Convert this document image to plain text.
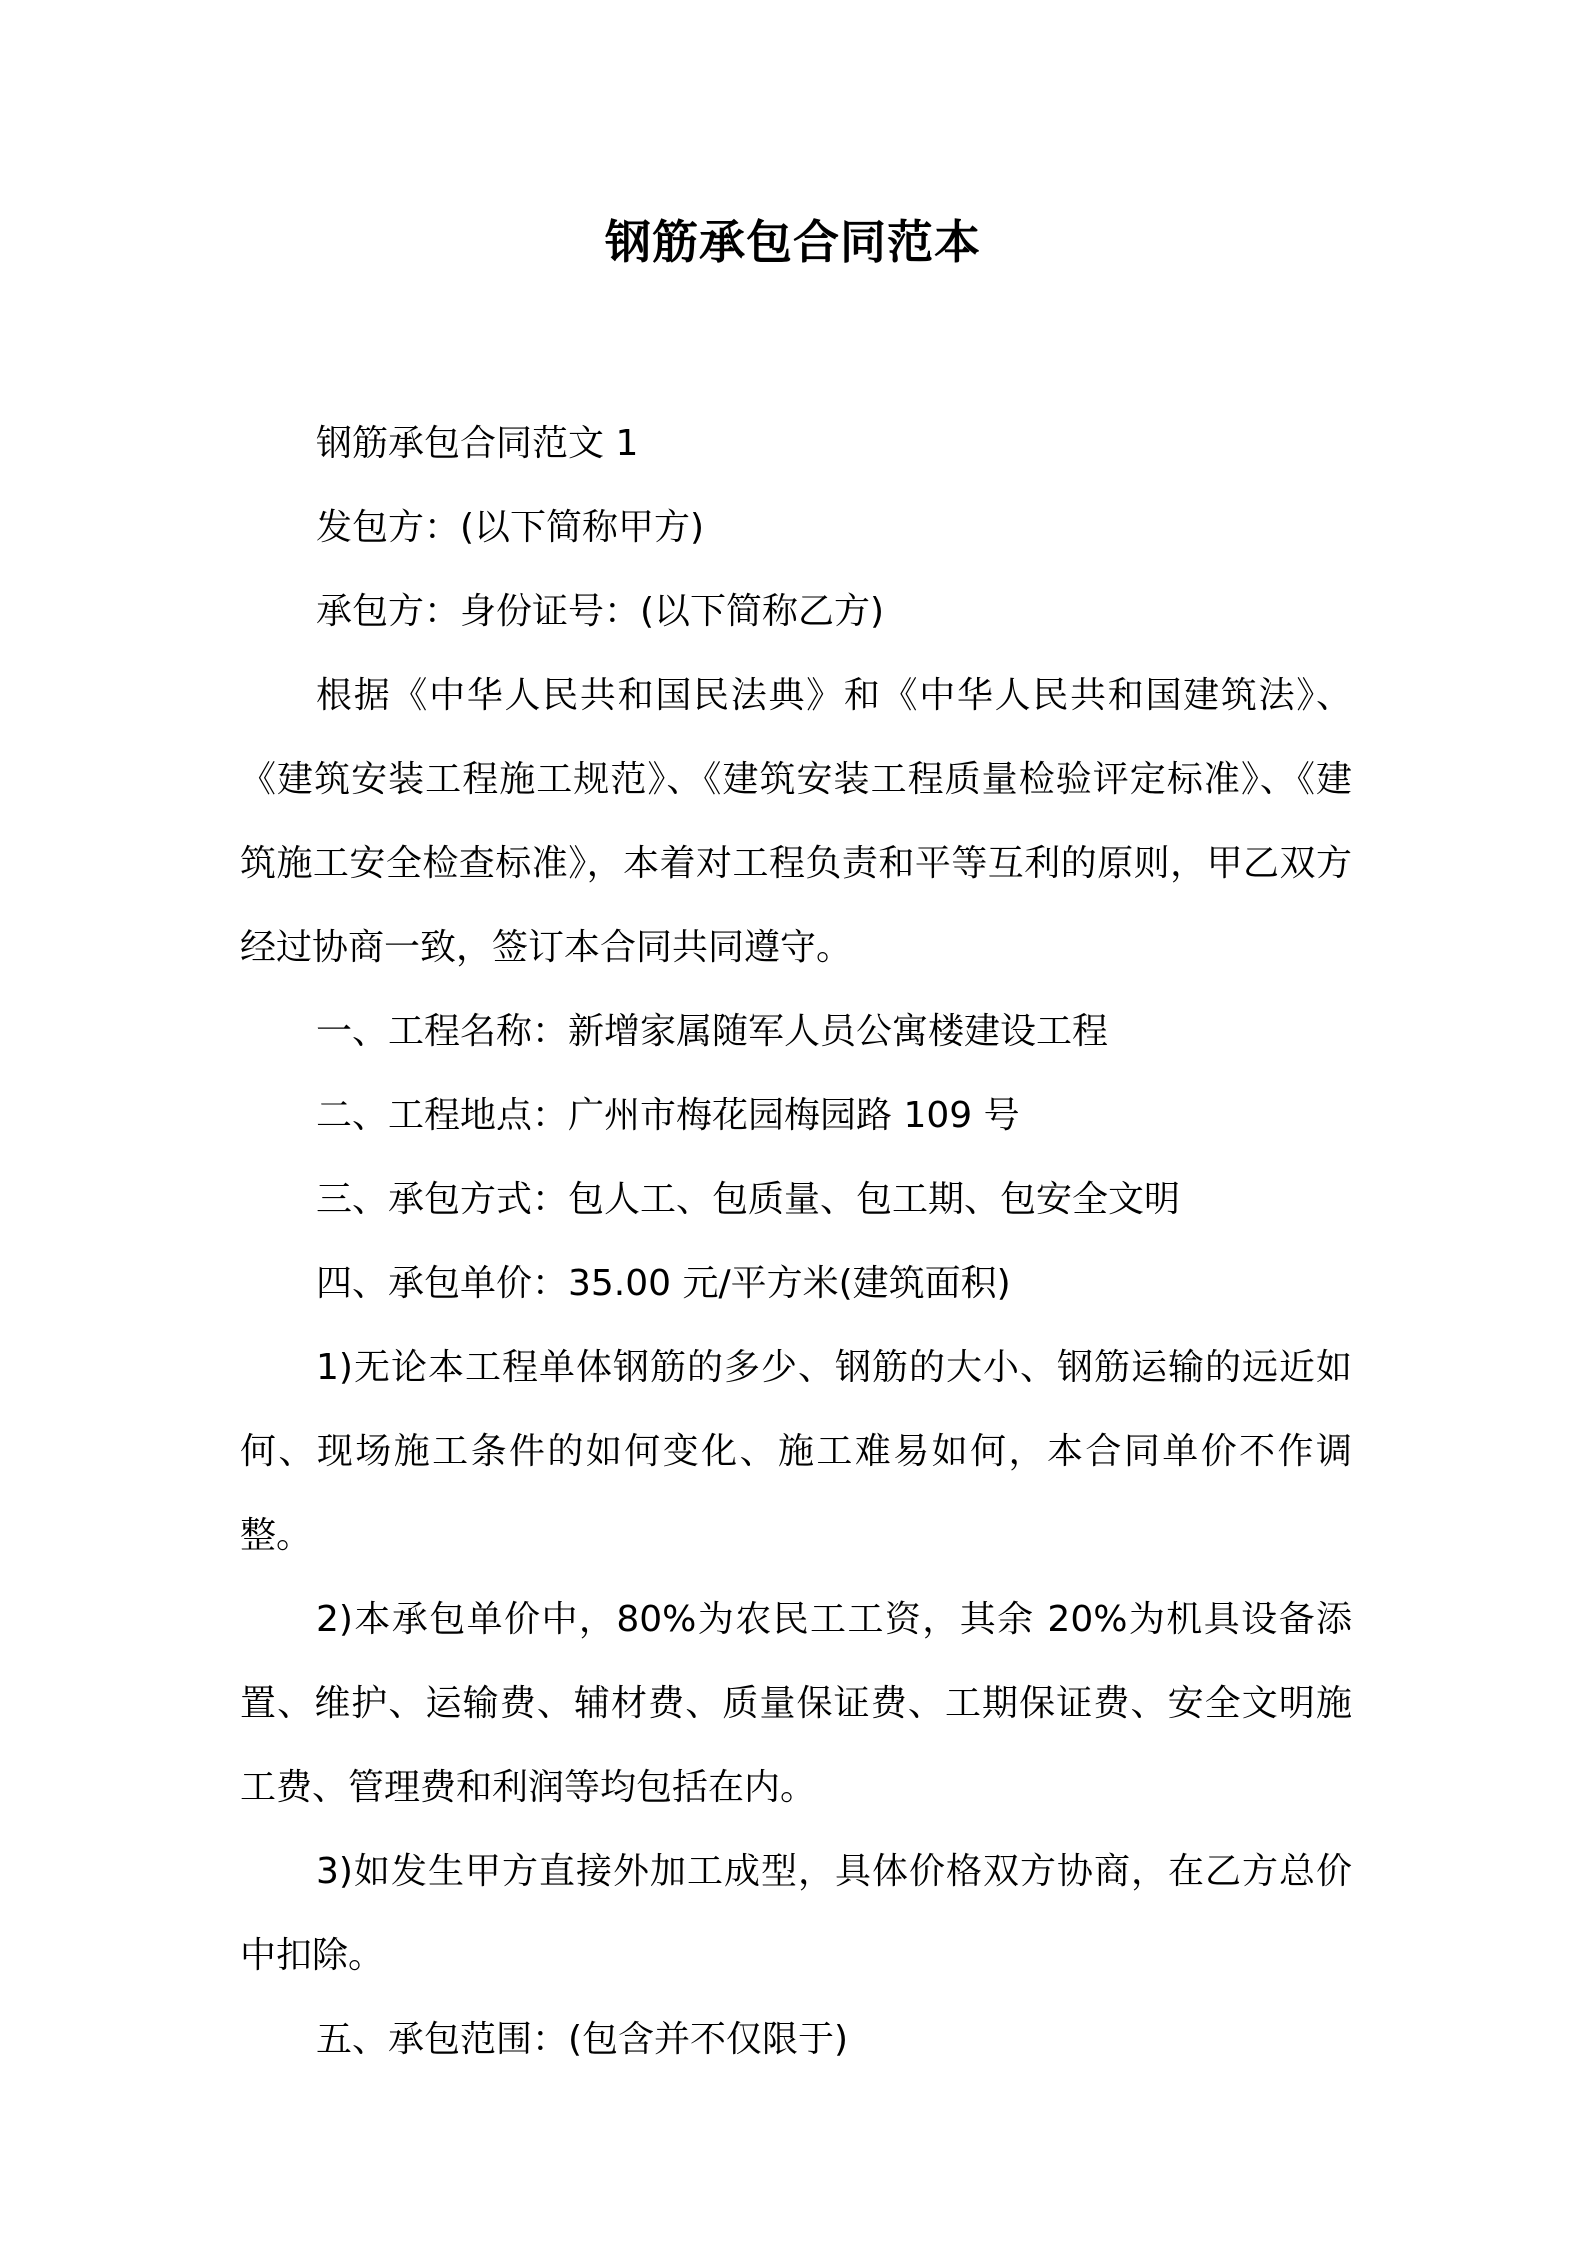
钢筋承包合同范本

钢筋承包合同范文 1

发包方：(以下简称甲方)

承包方：身份证号：(以下简称乙方)

根据《中华人民共和国民法典》和《中华人民共和国建筑法》、《建筑安装工程施工规范》、《建筑安装工程质量检验评定标准》、《建筑施工安全检查标准》，本着对工程负责和平等互利的原则，甲乙双方经过协商一致，签订本合同共同遵守。

一、工程名称：新增家属随军人员公寓楼建设工程

二、工程地点：广州市梅花园梅园路 109 号

三、承包方式：包人工、包质量、包工期、包安全文明

四、承包单价：35.00 元/平方米(建筑面积)

1)无论本工程单体钢筋的多少、钢筋的大小、钢筋运输的远近如何、现场施工条件的如何变化、施工难易如何，本合同单价不作调整。

2)本承包单价中，80%为农民工工资，其余 20%为机具设备添置、维护、运输费、辅材费、质量保证费、工期保证费、安全文明施工费、管理费和利润等均包括在内。

3)如发生甲方直接外加工成型，具体价格双方协商，在乙方总价中扣除。

五、承包范围：(包含并不仅限于)
